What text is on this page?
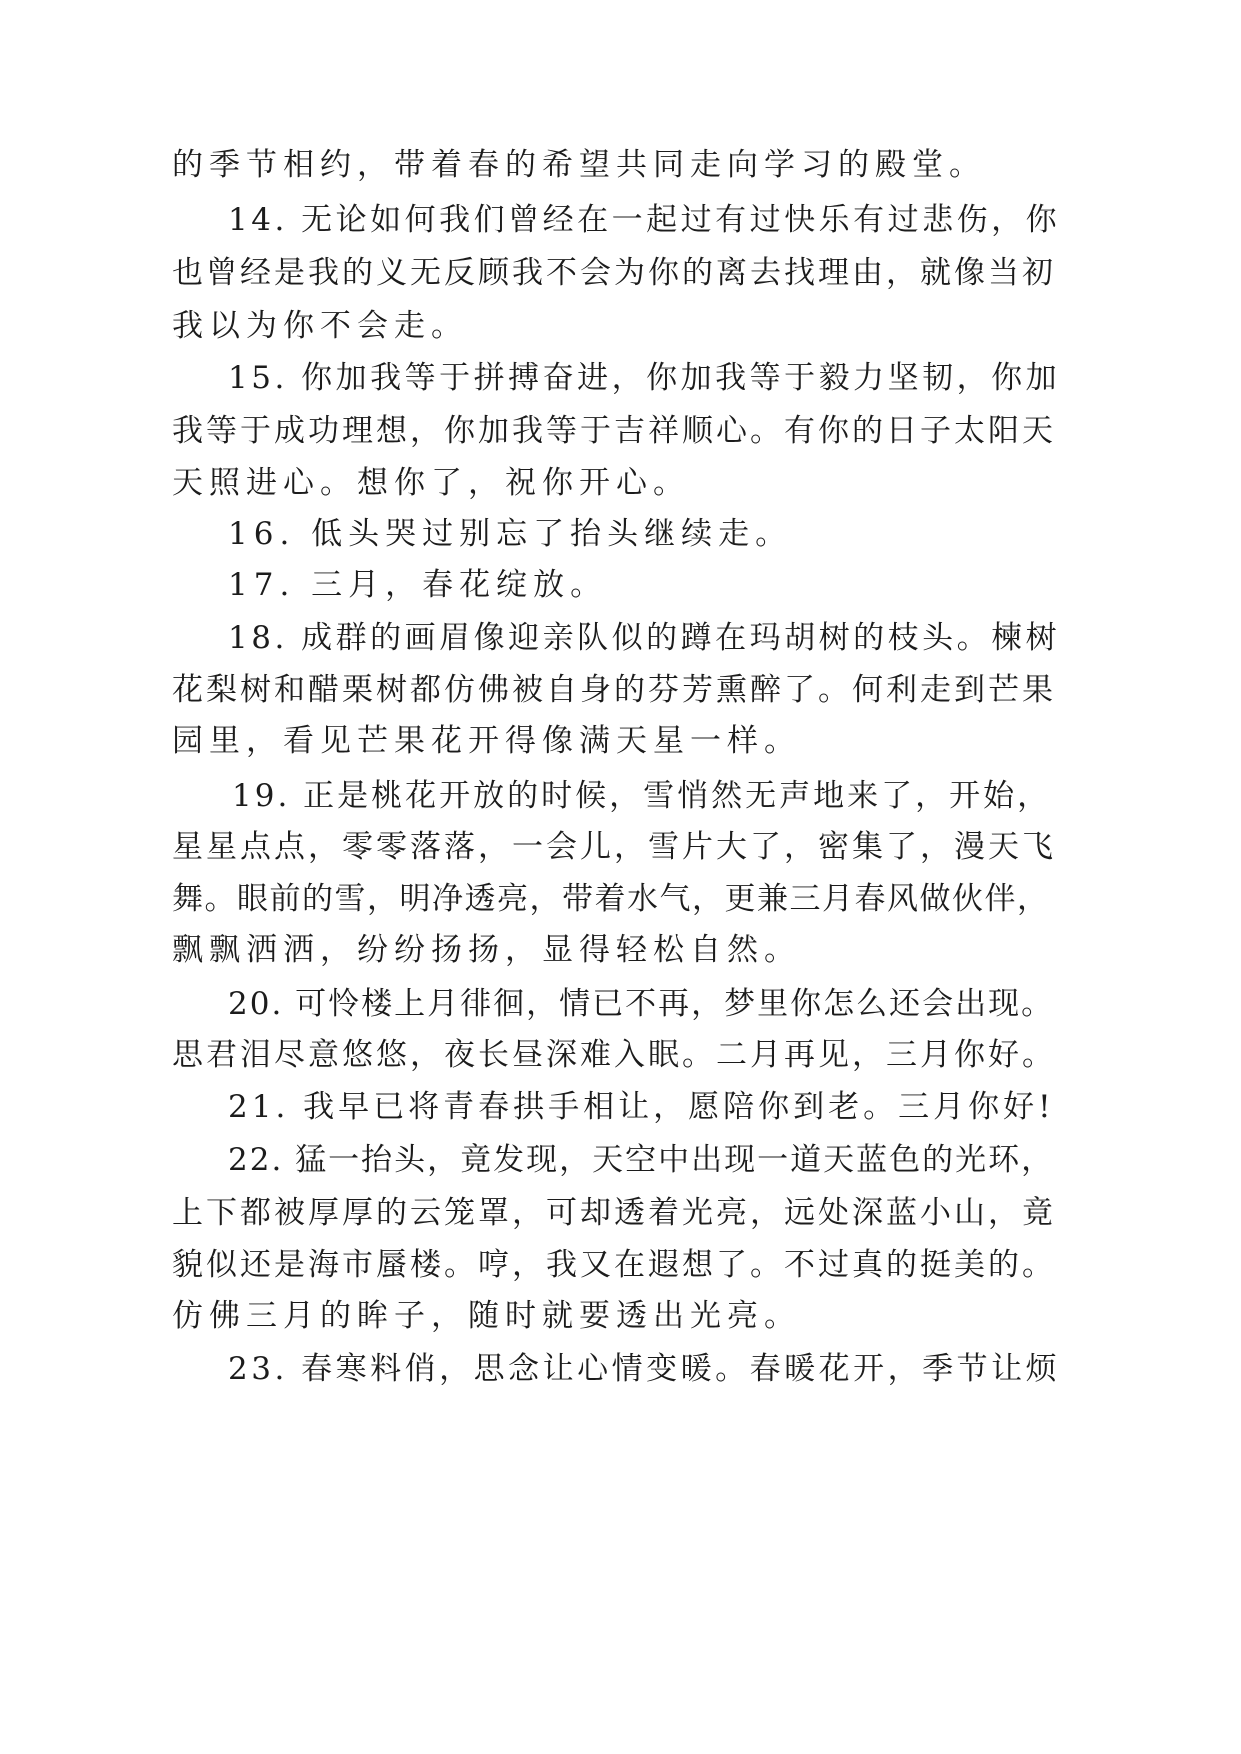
的季节相约，带着春的希望共同走向学习的殿堂。
14. 无论如何我们曾经在一起过有过快乐有过悲伤，你
也曾经是我的义无反顾我不会为你的离去找理由，就像当初
我以为你不会走。
15. 你加我等于拼搏奋进，你加我等于毅力坚韧，你加
我等于成功理想，你加我等于吉祥顺心。有你的日子太阳天
天照进心。想你了，祝你开心。
16. 低头哭过别忘了抬头继续走。
17. 三月，春花绽放。
18. 成群的画眉像迎亲队似的蹲在玛胡树的枝头。楝树
花梨树和醋栗树都仿佛被自身的芬芳熏醉了。何利走到芒果
园里，看见芒果花开得像满天星一样。
19. 正是桃花开放的时候，雪悄然无声地来了，开始，
星星点点，零零落落，一会儿，雪片大了，密集了，漫天飞
舞。眼前的雪，明净透亮，带着水气，更兼三月春风做伙伴，
飘飘洒洒，纷纷扬扬，显得轻松自然。
20. 可怜楼上月徘徊，情已不再，梦里你怎么还会出现。
思君泪尽意悠悠，夜长昼深难入眠。二月再见，三月你好。
21. 我早已将青春拱手相让，愿陪你到老。三月你好!
22. 猛一抬头，竟发现，天空中出现一道天蓝色的光环，
上下都被厚厚的云笼罩，可却透着光亮，远处深蓝小山，竟
貌似还是海市蜃楼。哼，我又在遐想了。不过真的挺美的。
仿佛三月的眸子，随时就要透出光亮。
23. 春寒料俏，思念让心情变暖。春暖花开，季节让烦
